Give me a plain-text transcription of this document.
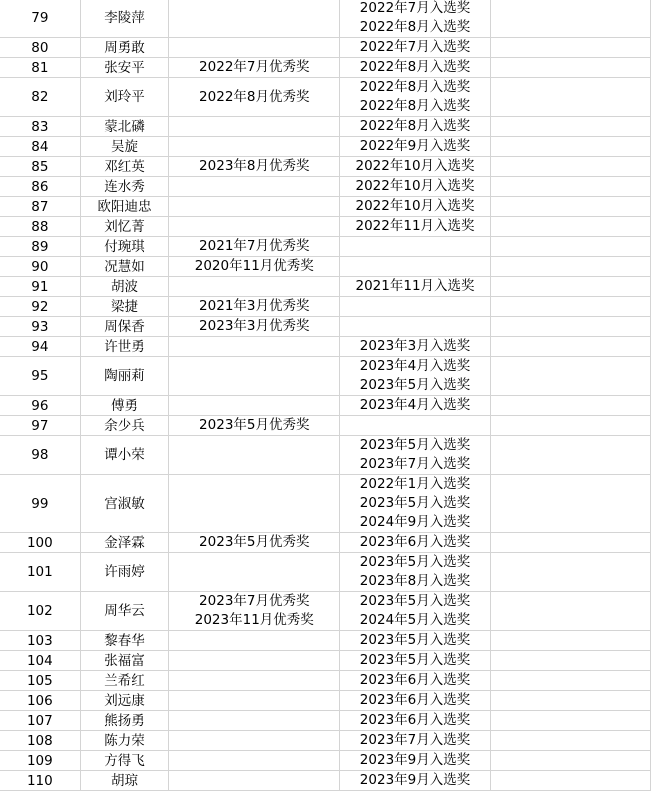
79	李陵萍		2022年7月入选奖
2022年8月入选奖	

80	周勇敢		2022年7月入选奖	

81	张安平	2022年7月优秀奖	2022年8月入选奖	

82	刘玲平	2022年8月优秀奖	2022年8月入选奖
2022年8月入选奖	

83	蒙北磷		2022年8月入选奖	

84	吴旋		2022年9月入选奖	

85	邓红英	2023年8月优秀奖	2022年10月入选奖	

86	连水秀		2022年10月入选奖	

87	欧阳迪忠		2022年10月入选奖	

88	刘忆菁		2022年11月入选奖	

89	付琬琪	2021年7月优秀奖		

90	况慧如	2020年11月优秀奖		

91	胡波		2021年11月入选奖	

92	梁捷	2021年3月优秀奖		

93	周保香	2023年3月优秀奖		

94	许世勇		2023年3月入选奖	

95	陶丽莉		2023年4月入选奖
2023年5月入选奖	

96	傅勇		2023年4月入选奖	

97	余少兵	2023年5月优秀奖		

98	谭小荣		2023年5月入选奖
2023年7月入选奖	

99	宫淑敏		2022年1月入选奖
2023年5月入选奖
2024年9月入选奖	

100	金泽霖	2023年5月优秀奖	2023年6月入选奖	

101	许雨婷		2023年5月入选奖
2023年8月入选奖	

102	周华云	2023年7月优秀奖
2023年11月优秀奖	2023年5月入选奖
2024年5月入选奖	

103	黎春华		2023年5月入选奖	

104	张福富		2023年5月入选奖	

105	兰希红		2023年6月入选奖	

106	刘远康		2023年6月入选奖	

107	熊扬勇		2023年6月入选奖	

108	陈力荣		2023年7月入选奖	

109	方得飞		2023年9月入选奖	

110	胡琼		2023年9月入选奖	
